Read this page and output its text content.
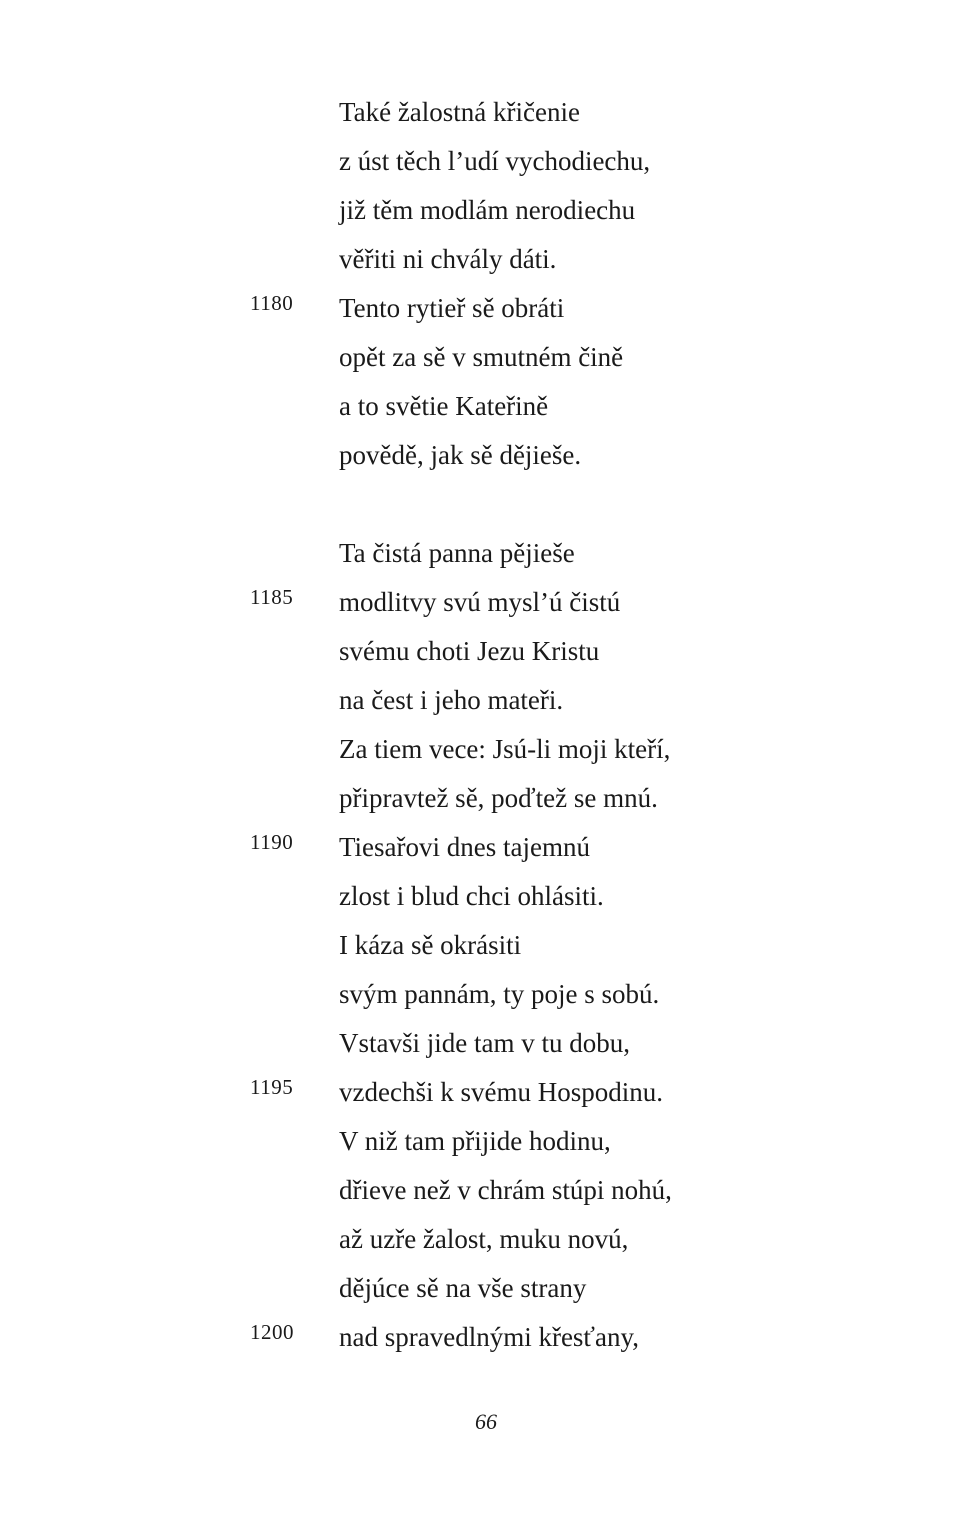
Také žalostná křičenie
z úst těch l’udí vychodiechu,
již těm modlám nerodiechu
věřiti ni chvály dáti.
1180	Tento rytieř sě obráti
opět za sě v smutném čině
a to světie Kateřině
povědě, jak sě dějieše.
Ta čistá panna pějieše
1185	modlitvy svú mysl’ú čistú
svému choti Jezu Kristu
na čest i jeho mateři.
Za tiem vece: Jsú-li moji kteří,
připravtež sě, poďtež se mnú.
1190	Tiesařovi dnes tajemnú
zlost i blud chci ohlásiti.
I káza sě okrásiti
svým pannám, ty poje s sobú.
Vstavši jide tam v tu dobu,
1195	vzdechši k svému Hospodinu.
V niž tam přijide hodinu,
dřieve než v chrám stúpi nohú,
až uzře žalost, muku novú,
dějúce sě na vše strany
1200	nad spravedlnými křesťany,
66
